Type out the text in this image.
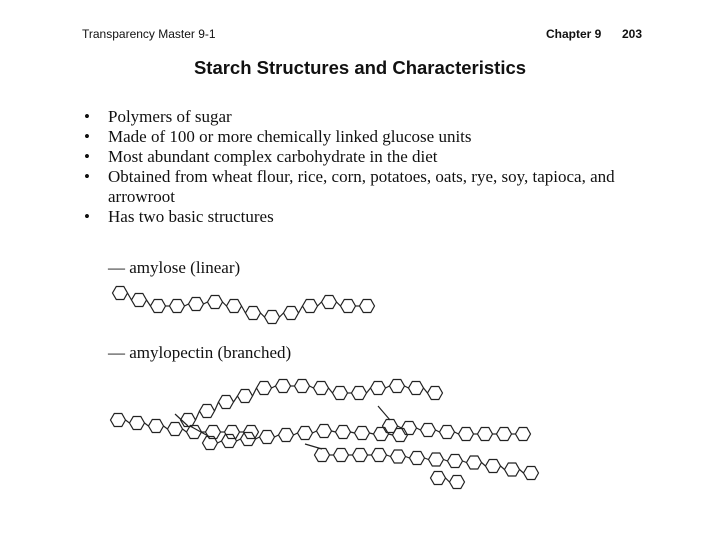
Transparency Master 9-1	Chapter 9 203
Starch Structures and Characteristics
•	Polymers of sugar
•	Made of 100 or more chemically linked glucose units
•	Most abundant complex carbohydrate in the diet
•	Obtained from wheat flour, rice, corn, potatoes, oats, rye, soy, tapioca, and arrowroot
•	Has two basic structures
— amylose (linear)
— amylopectin (branched)
